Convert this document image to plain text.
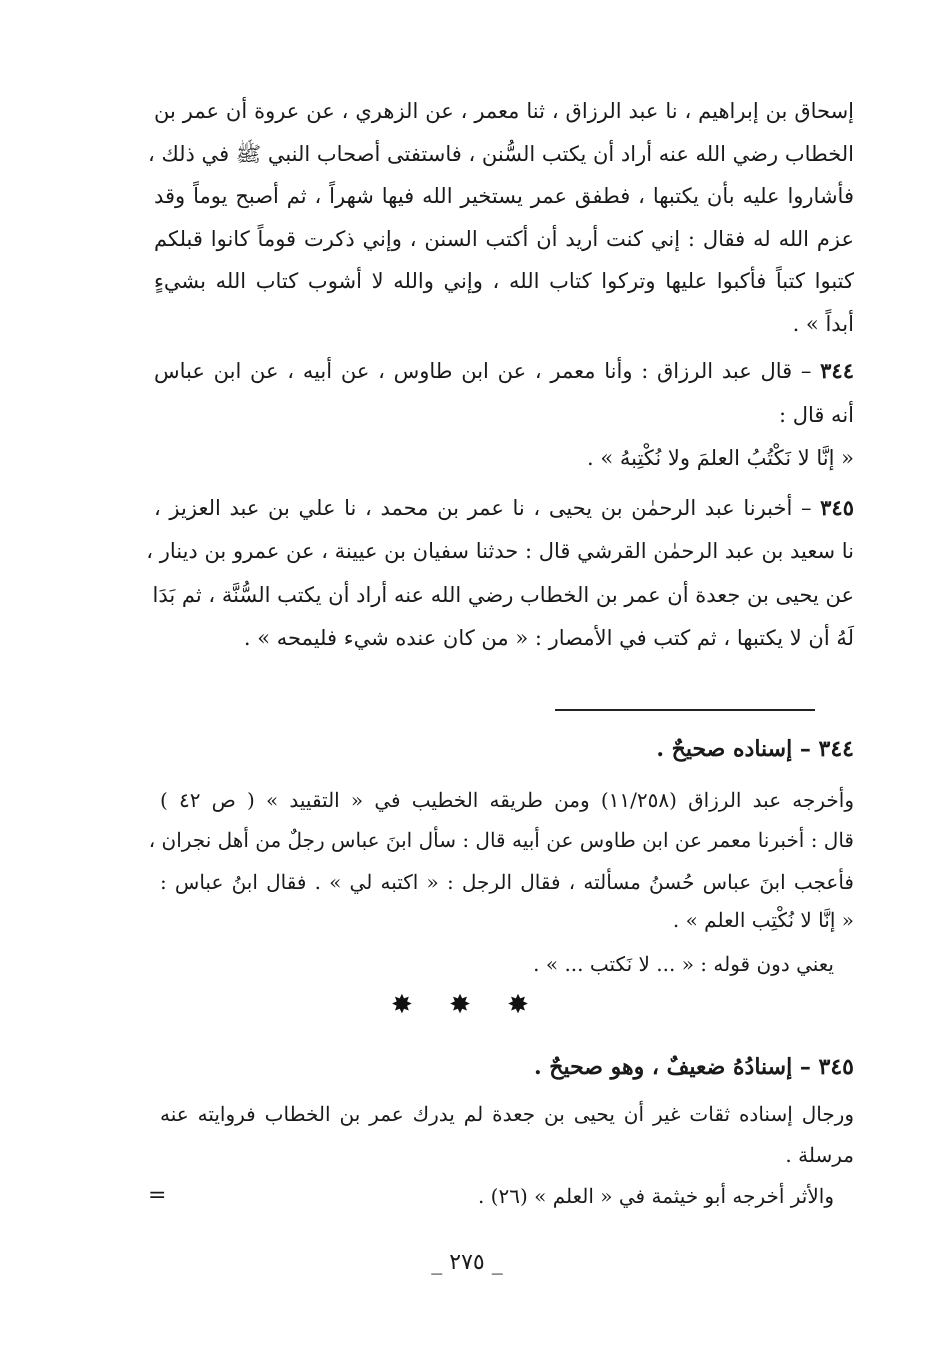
إسحاق بن إبراهيم ، نا عبد الرزاق ، ثنا معمر ، عن الزهري ، عن عروة أن عمر بن
الخطاب رضي الله عنه أراد أن يكتب السُّنن ، فاستفتى أصحاب النبي ﷺ في ذلك ،
فأشاروا عليه بأن يكتبها ، فطفق عمر يستخير الله فيها شهراً ، ثم أصبح يوماً وقد
عزم الله له فقال : إني كنت أريد أن أكتب السنن ، وإني ذكرت قوماً كانوا قبلكم
كتبوا كتباً فأكبوا عليها وتركوا كتاب الله ، وإني والله لا أشوب كتاب الله بشيءٍ
أبداً » .
٣٤٤ – قال عبد الرزاق : وأنا معمر ، عن ابن طاوس ، عن أبيه ، عن ابن عباس
أنه قال :
« إنَّا لا نَكْتُبُ العلمَ ولا نُكْتِبهُ » .
٣٤٥ – أخبرنا عبد الرحمٰن بن يحيى ، نا عمر بن محمد ، نا علي بن عبد العزيز ،
نا سعيد بن عبد الرحمٰن القرشي قال : حدثنا سفيان بن عيينة ، عن عمرو بن دينار ،
عن يحيى بن جعدة أن عمر بن الخطاب رضي الله عنه أراد أن يكتب السُّنَّة ، ثم بَدَا
لَهُ أن لا يكتبها ، ثم كتب في الأمصار : « من كان عنده شيء فليمحه » .
٣٤٤ – إسناده صحيحٌ .
وأخرجه عبد الرزاق (١١/٢٥٨) ومن طريقه الخطيب في « التقييد » ( ص ٤٢ )
قال : أخبرنا معمر عن ابن طاوس عن أبيه قال : سأل ابنَ عباس رجلٌ من أهل نجران ،
فأعجب ابنَ عباس حُسنُ مسألته ، فقال الرجل : « اكتبه لي » . فقال ابنُ عباس :
« إنَّا لا نُكْتِب العلم » .
يعني دون قوله : « ... لا نَكتب ... » .
✸ ✸ ✸
٣٤٥ – إسنادُهُ ضعيفٌ ، وهو صحيحٌ .
ورجال إسناده ثقات غير أن يحيى بن جعدة لم يدرك عمر بن الخطاب فروايته عنه
مرسلة .
والأثر أخرجه أبو خيثمة في « العلم » (٢٦) .
=
_ ٢٧٥ _
